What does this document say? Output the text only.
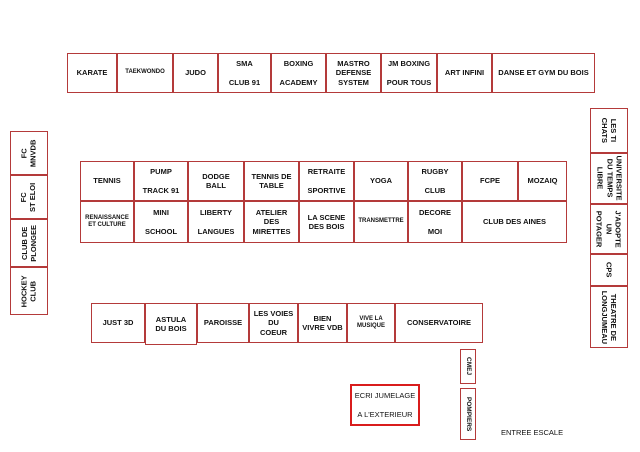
KARATE	TAEKWONDO	JUDO
SMA

CLUB 91
BOXING

ACADEMY
MASTRO
DEFENSE
SYSTEM
JM BOXING

POUR TOUS
ART INFINI DANSE ET GYM DU BOIS
FC
MNVDB
FC
ST ELOI
CLUB DE
PLONGEE
HOCKEY
CLUB
TENNIS
PUMP

TRACK 91
DODGE
BALL
TENNIS DE
TABLE
RETRAITE

SPORTIVE
YOGA
RUGBY

CLUB
FCPE	MOZAIQ
RENAISSANCE
ET CULTURE
MINI

SCHOOL
LIBERTY

LANGUES
ATELIER
DES
MIRETTES
LA SCENE
DES BOIS
TRANSMETTRE
DECORE

MOI
CLUB DES AINES
LES TI
CHATS
UNIVERSITE
DU TEMPS
LIBRE
J'ADOPTE
UN
POTAGER
CPS
THEATRE DE
LONGJUMEAU
JUST 3D	ASTULA
DU BOIS
PAROISSE
LES VOIES
DU
COEUR
BIEN
VIVRE VDB
VIVE LA
MUSIQUE	CONSERVATOIRE
CMEJ
POMPIERS
ECRI JUMELAGE

A L'EXTERIEUR
ENTREE ESCALE
